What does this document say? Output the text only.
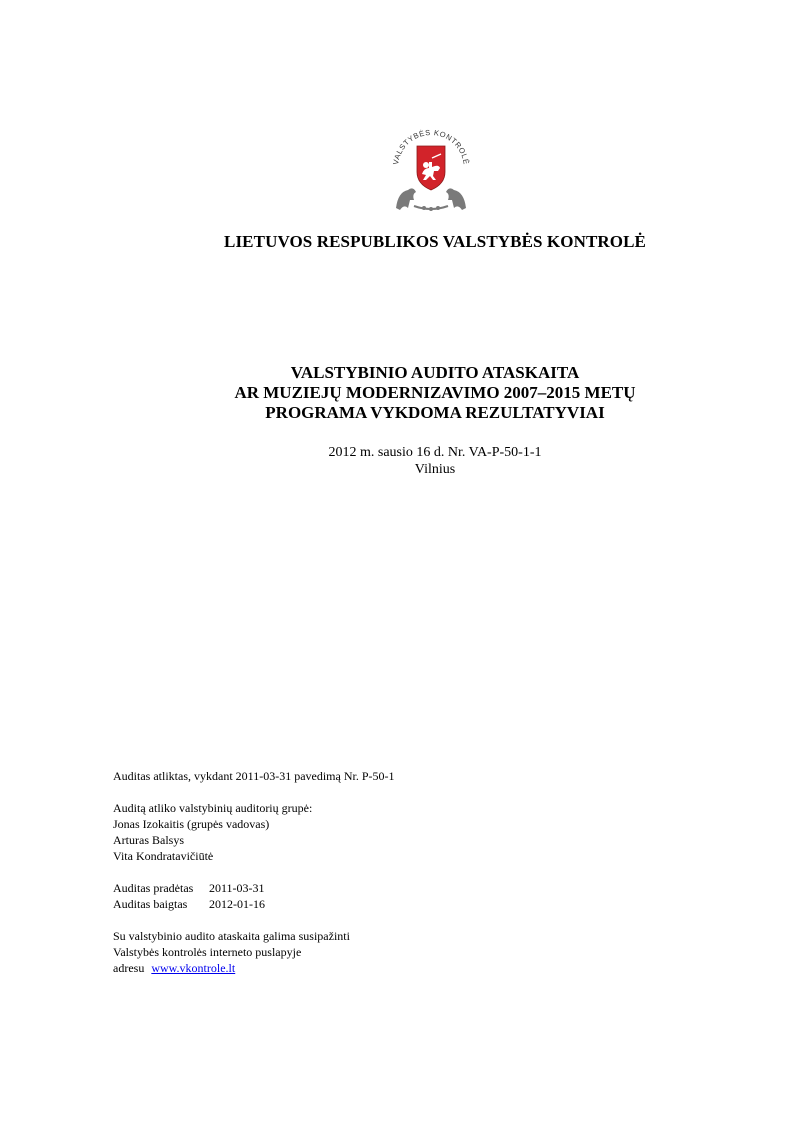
VALSTYBĖS KONTROLĖ
LIETUVOS RESPUBLIKOS VALSTYBĖS KONTROLĖ
VALSTYBINIO AUDITO ATASKAITA
AR MUZIEJŲ MODERNIZAVIMO 2007–2015 METŲ
PROGRAMA VYKDOMA REZULTATYVIAI
2012 m. sausio 16 d. Nr. VA-P-50-1-1
Vilnius
Auditas atliktas, vykdant 2011-03-31 pavedimą Nr. P-50-1
Auditą atliko valstybinių auditorių grupė:
Jonas Izokaitis (grupės vadovas)
Arturas Balsys
Vita Kondratavičiūtė
Auditas pradėtas	2011-03-31
Auditas baigtas	2012-01-16
Su valstybinio audito ataskaita galima susipažinti
Valstybės kontrolės interneto puslapyje
adresu www.vkontrole.lt
